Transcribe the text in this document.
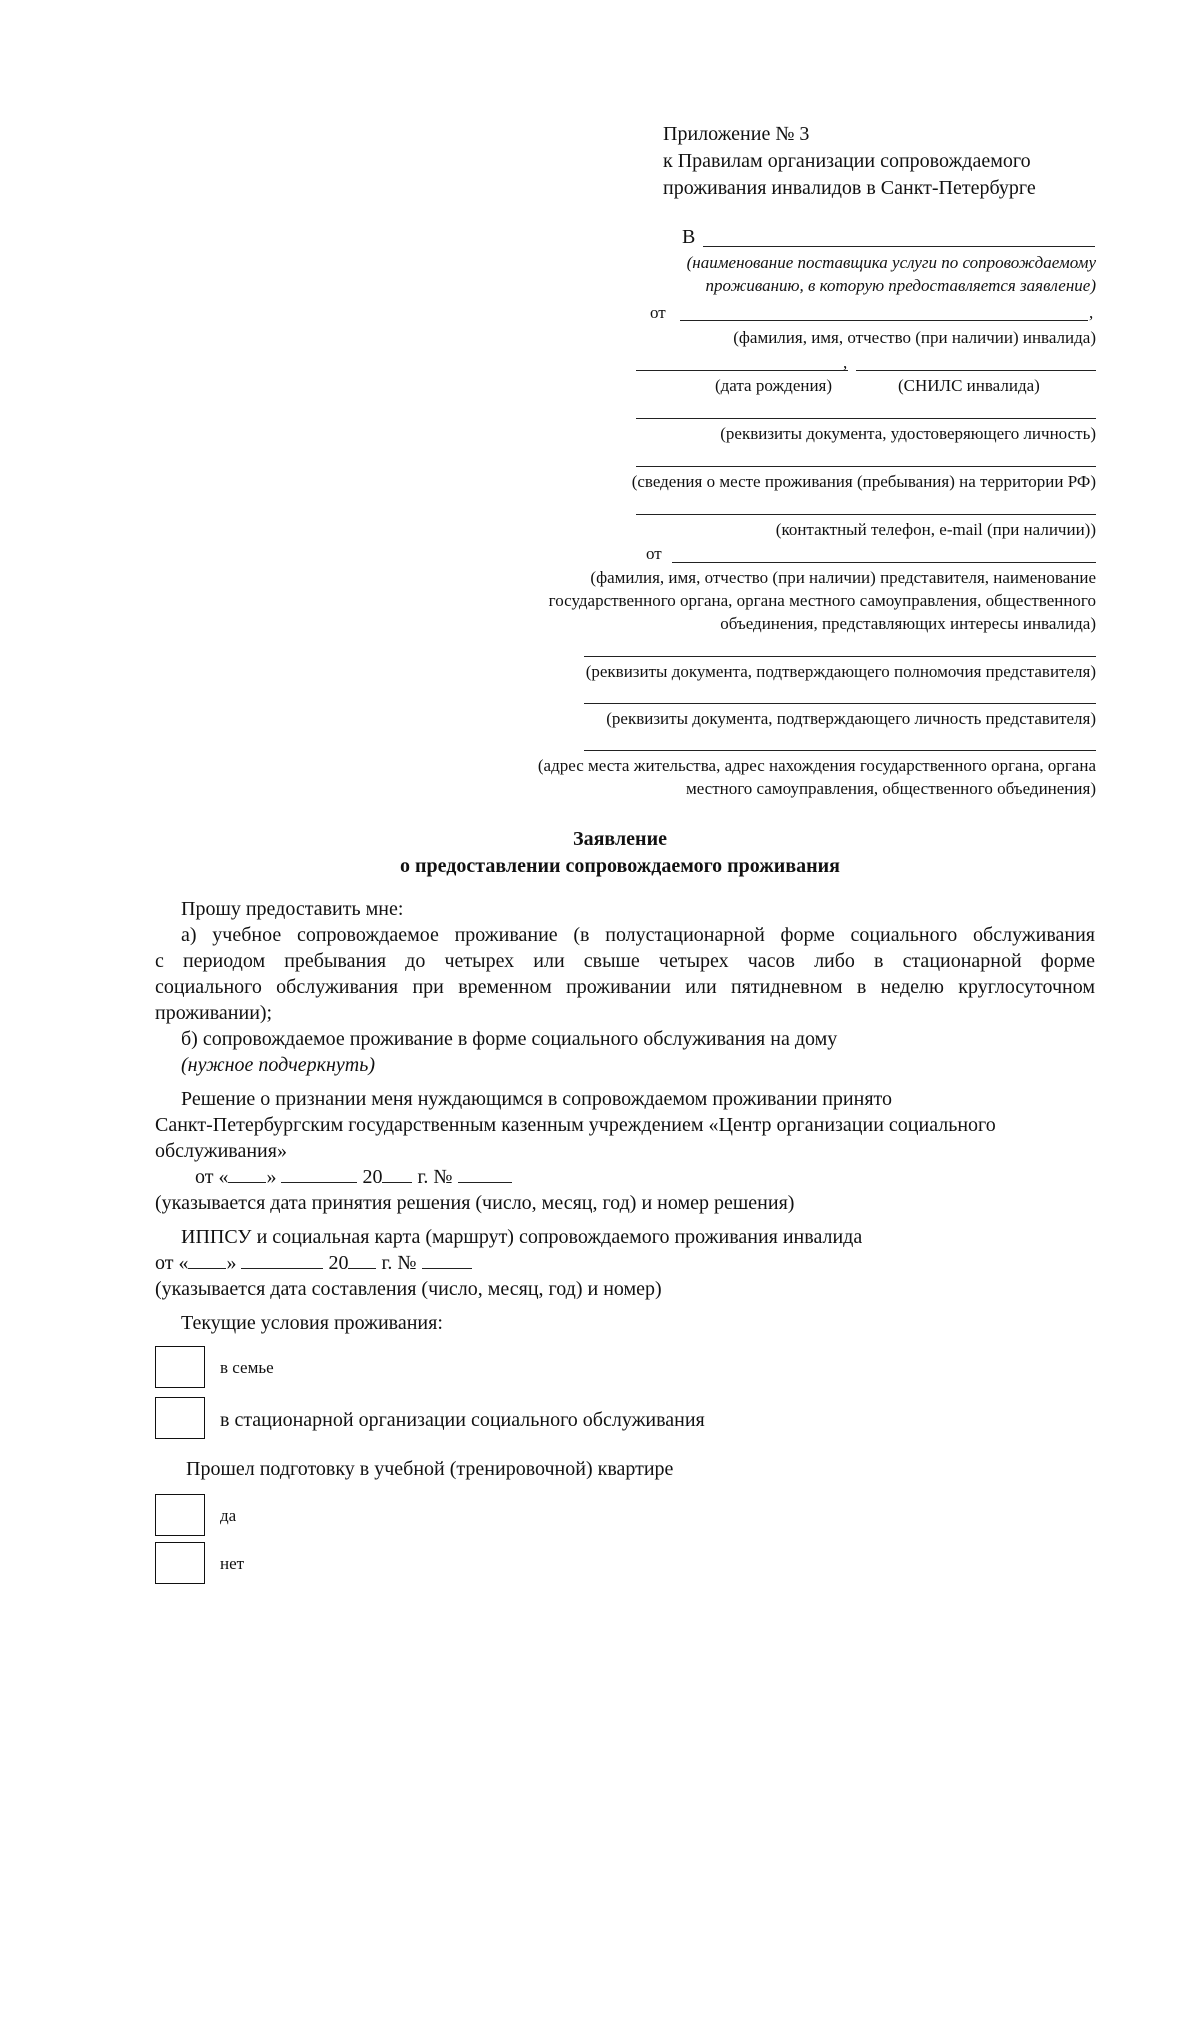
Приложение № 3
к Правилам организации сопровождаемого
проживания инвалидов в Санкт-Петербурге
В
(наименование поставщика услуги по сопровождаемому
проживанию, в которую предоставляется заявление)
от	,
(фамилия, имя, отчество (при наличии) инвалида)
,
(дата рождения)	(СНИЛС инвалида)
(реквизиты документа, удостоверяющего личность)
(сведения о месте проживания (пребывания) на территории РФ)
(контактный телефон, e-mail (при наличии))
от
(фамилия, имя, отчество (при наличии) представителя, наименование
государственного органа, органа местного самоуправления, общественного
объединения, представляющих интересы инвалида)
(реквизиты документа, подтверждающего полномочия представителя)
(реквизиты документа, подтверждающего личность представителя)
(адрес места жительства, адрес нахождения государственного органа, органа
местного самоуправления, общественного объединения)
Заявление
о предоставлении сопровождаемого проживания
Прошу предоставить мне:
а) учебное сопровождаемое проживание (в полустационарной форме социального обслуживания
с периодом пребывания до четырех или свыше четырех часов либо в стационарной форме
социального обслуживания при временном проживании или пятидневном в неделю круглосуточном
проживании);
б) сопровождаемое проживание в форме социального обслуживания на дому
(нужное подчеркнуть)
Решение о признании меня нуждающимся в сопровождаемом проживании принято
Санкт-Петербургским государственным казенным учреждением «Центр организации социального
обслуживания»
от « »	20 г. №
(указывается дата принятия решения (число, месяц, год) и номер решения)
ИППСУ и социальная карта (маршрут) сопровождаемого проживания инвалида
от « »	20 г. №
(указывается дата составления (число, месяц, год) и номер)
Текущие условия проживания:
в семье
в стационарной организации социального обслуживания
Прошел подготовку в учебной (тренировочной) квартире
да
нет
